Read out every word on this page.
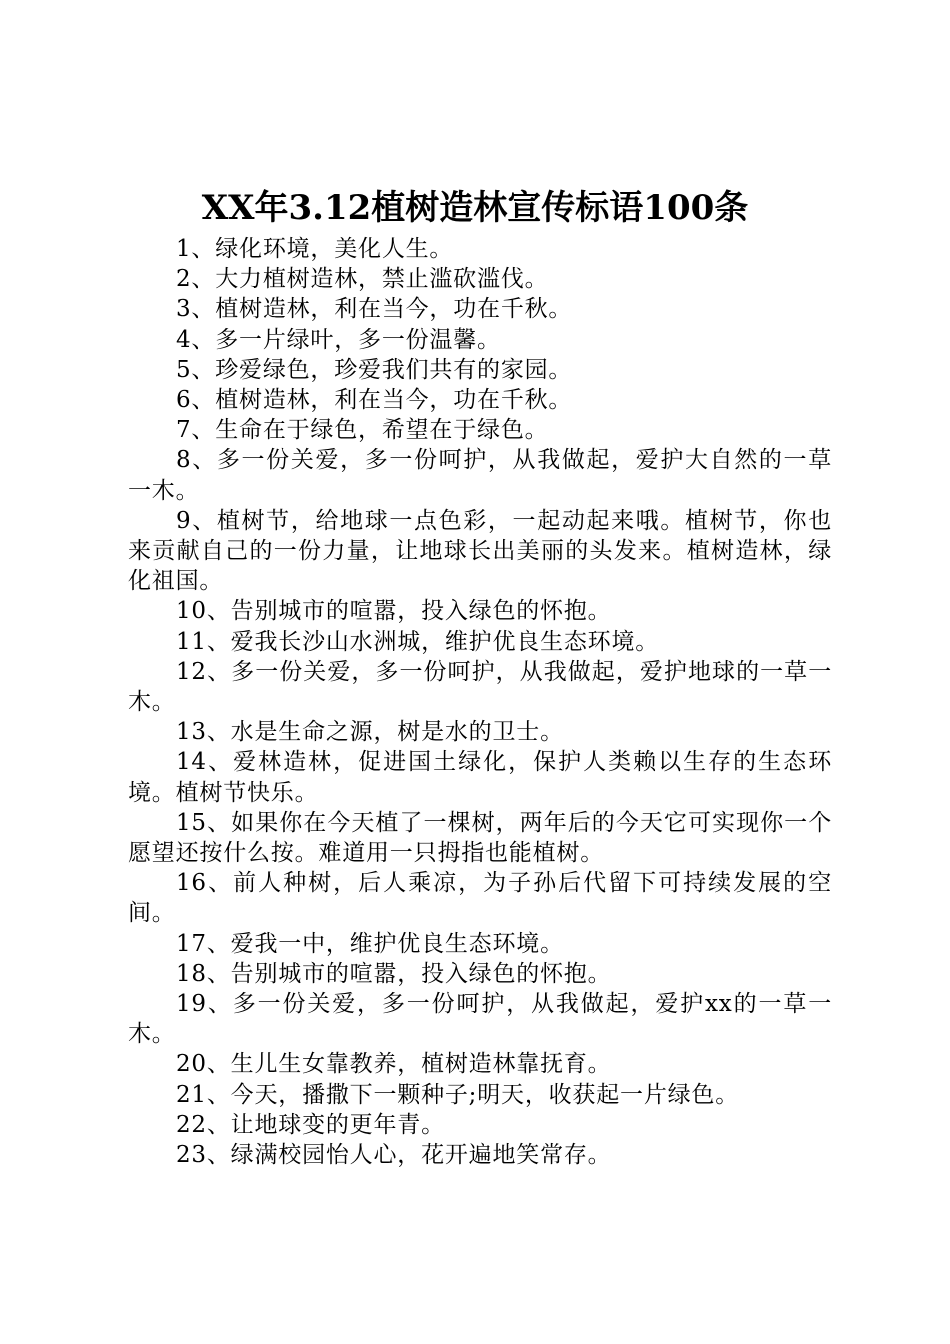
XX年3.12植树造林宣传标语100条

1、绿化环境，美化人生。

2、大力植树造林，禁止滥砍滥伐。

3、植树造林，利在当今，功在千秋。

4、多一片绿叶，多一份温馨。

5、珍爱绿色，珍爱我们共有的家园。

6、植树造林，利在当今，功在千秋。

7、生命在于绿色，希望在于绿色。

8、多一份关爱，多一份呵护，从我做起，爱护大自然的一草一木。

9、植树节，给地球一点色彩，一起动起来哦。植树节，你也来贡献自己的一份力量，让地球长出美丽的头发来。植树造林，绿化祖国。

10、告别城市的喧嚣，投入绿色的怀抱。

11、爱我长沙山水洲城，维护优良生态环境。

12、多一份关爱，多一份呵护，从我做起，爱护地球的一草一木。

13、水是生命之源，树是水的卫士。

14、爱林造林，促进国土绿化，保护人类赖以生存的生态环境。植树节快乐。

15、如果你在今天植了一棵树，两年后的今天它可实现你一个愿望还按什么按。难道用一只拇指也能植树。

16、前人种树，后人乘凉，为子孙后代留下可持续发展的空间。

17、爱我一中，维护优良生态环境。

18、告别城市的喧嚣，投入绿色的怀抱。

19、多一份关爱，多一份呵护，从我做起，爱护xx的一草一木。

20、生儿生女靠教养，植树造林靠抚育。

21、今天，播撒下一颗种子;明天，收获起一片绿色。

22、让地球变的更年青。

23、绿满校园怡人心，花开遍地笑常存。
